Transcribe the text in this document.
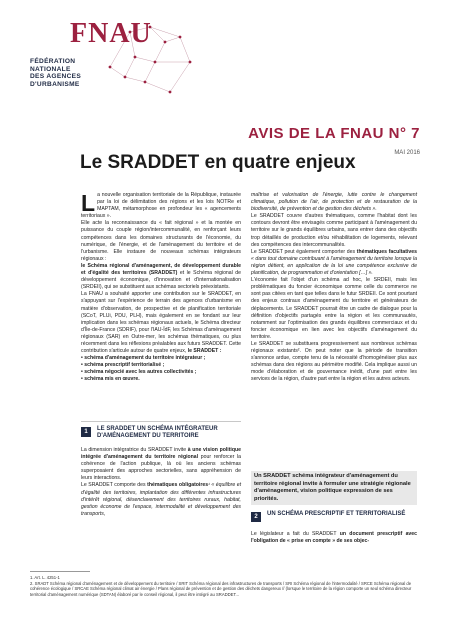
FNAU
FÉDÉRATION
NATIONALE
DES AGENCES
D'URBANISME
AVIS DE LA FNAU N° 7
MAI 2016
Le SRADDET en quatre enjeux

La nouvelle organisation territoriale de la République, instaurée par la loi de délimitation des régions et les lois NOTRe et MAPTAM, métamorphose en profondeur les « agencements territoriaux ».

Elle acte la reconnaissance du « fait régional » et la montée en puissance du couple région/intercommunalité, en renforçant leurs compétences dans les domaines structurants de l'économie, du numérique, de l'énergie, et de l'aménagement du territoire et de l'urbanisme. Elle instaure de nouveaux schémas intégrateurs régionaux :

le Schéma régional d'aménagement, de développement durable et d'égalité des territoires (SRADDET) et le Schéma régional de développement économique, d'innovation et d'internationalisation (SRDEII), qui se substituent aux schémas sectoriels préexistants.

La FNAU a souhaité apporter une contribution sur le SRADDET, en s'appuyant sur l'expérience de terrain des agences d'urbanisme en matière d'observation, de prospective et de planification territoriale (SCoT, PLUi, PDU, PLH), mais également en se fondant sur leur implication dans les schémas régionaux actuels, le Schéma directeur d'Île-de-France (SDRIF), pour l'IAU-ÎdF, les Schémas d'aménagement régionaux (SAR) en Outre-mer, les schémas thématiques, ou plus récemment dans les réflexions préalables aux futurs SRADDET. Cette contribution s'articule autour de quatre enjeux, le SRADDET :

• schéma d'aménagement du territoire intégrateur ;
• schéma prescriptif territorialisé ;
• schéma négocié avec les autres collectivités ;
• schéma mis en œuvre.
1	LE SRADDET UN SCHÉMA INTÉGRATEUR D'AMÉNAGEMENT DU TERRITOIRE

La dimension intégratrice du SRADDET invite à une vision politique intégrée d'aménagement du territoire régional pour renforcer la cohérence de l'action publique, là où les anciens schémas superposaient des approches sectorielles, sans appréhension de leurs interactions.

Le SRADDET comporte des thématiques obligatoires¹ « équilibre et d'égalité des territoires, implantation des différentes infrastructures d'intérêt régional, désenclavement des territoires ruraux, habitat, gestion économe de l'espace, intermodalité et développement des transports,

maîtrise et valorisation de l'énergie, lutte contre le changement climatique, pollution de l'air, de protection et de restauration de la biodiversité, de prévention et de gestion des déchets ».

Le SRADDET couvre d'autres thématiques, comme l'habitat dont les contours devront être envisagés comme participant à l'aménagement du territoire sur le grands équilibres urbains, sans entrer dans des objectifs trop détaillés de production et/ou réhabilitation de logements, relevant des compétences des intercommunalités.

Le SRADDET peut également comporter des thématiques facultatives « dans tout domaine contribuant à l'aménagement du territoire lorsque la région détient, en application de la loi une compétence exclusive de planification, de programmation et d'orientation […] ».

L'économie fait l'objet d'un schéma ad hoc, le SRDEII, mais les problématiques du foncier économique comme celle du commerce ne sont pas citées en tant que telles dans le futur SRDEII. Ce sont pourtant des enjeux contraux d'aménagement du territoire et générateurs de déplacements. Le SRADDET pourrait être un cadre de dialogue pour la définition d'objectifs partagés entre la région et les communautés, notamment sur l'optimisation des grands équilibres commerciaux et du foncier économique en lien avec les objectifs d'aménagement du territoire.

Le SRADDET se substituera progressivement aux nombreux schémas régionaux existants². On peut noter que la période de transition s'annonce ardue, compte tenu de la nécessité d'homogénéiser plus aux schémas dans des régions au périmètre modifié. Cela implique aussi un mode d'élaboration et de gouvernance inédit, d'une part entre les services de la région, d'autre part entre la région et les autres acteurs.

Un SRADDET schéma intégrateur d'aménagement du territoire régional invite à formuler une stratégie régionale d'aménagement, vision politique expression de ses priorités.
2	UN SCHÉMA PRESCRIPTIF ET TERRITORIALISÉ

Le législateur a fait du SRADDET un document prescriptif avec l'obligation de « prise en compte » de ses objec-

1. Art. L. 4251-1
2. SRADT Schéma régional d'aménagement et de développement du territoire / SRIT Schéma régional des infrastructures de transports / SRI Schéma régional de l'intermodalité / SRCE Schéma régional de cohérence écologique / SRCAE Schéma régional climat air énergie / Plans régional de prévention et de gestion des déchets dangereux // (lorsque le territoire de la région comporte un seul schéma directeur territorial d'aménagement numérique (SDTAN) élaboré par le conseil régional, il peut être intégré au SRADDET...
